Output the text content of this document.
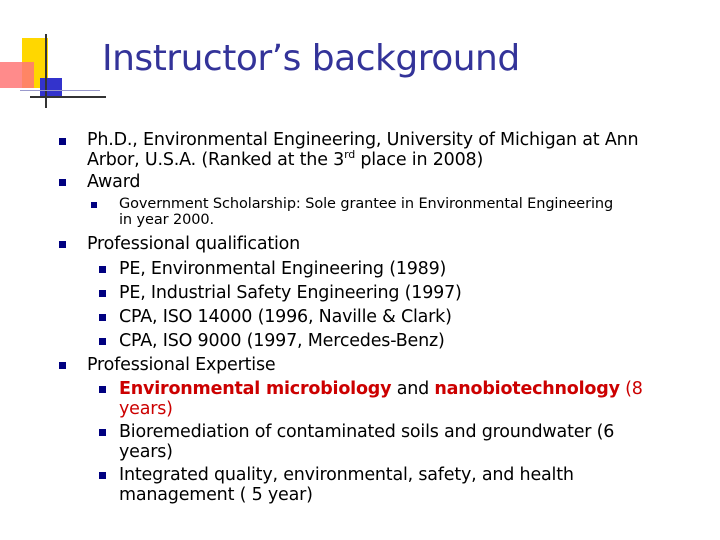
Instructor’s background
Ph.D., Environmental Engineering, University of Michigan at Ann
Arbor, U.S.A. (Ranked at the 3rd place in 2008)
Award
Government Scholarship: Sole grantee in Environmental Engineering
in year 2000.
Professional qualification
PE, Environmental Engineering (1989)
PE, Industrial Safety Engineering (1997)
CPA, ISO 14000 (1996, Naville & Clark)
CPA, ISO 9000 (1997, Mercedes-Benz)
Professional Expertise
Environmental microbiology and nanobiotechnology (8
years)
Bioremediation of contaminated soils and groundwater (6
years)
Integrated quality, environmental, safety, and health
management ( 5 year)
